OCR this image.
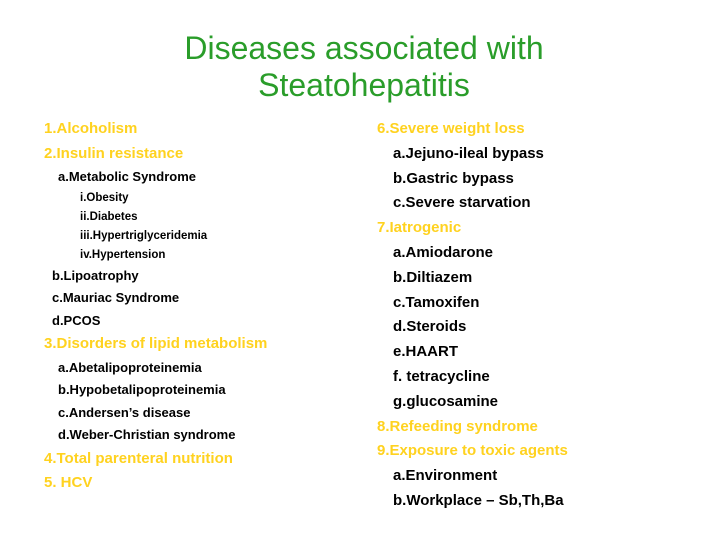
Diseases associated with
Steatohepatitis
1.Alcoholism
2.Insulin resistance
a.Metabolic Syndrome
i.Obesity
ii.Diabetes
iii.Hypertriglyceridemia
iv.Hypertension
b.Lipoatrophy
c.Mauriac Syndrome
d.PCOS
3.Disorders of lipid metabolism
a.Abetalipoproteinemia
b.Hypobetalipoproteinemia
c.Andersen’s disease
d.Weber-Christian syndrome
4.Total parenteral nutrition
5. HCV
6.Severe weight loss
a.Jejuno-ileal bypass
b.Gastric bypass
c.Severe starvation
7.Iatrogenic
a.Amiodarone
b.Diltiazem
c.Tamoxifen
d.Steroids
e.HAART
f. tetracycline
g.glucosamine
8.Refeeding syndrome
9.Exposure to toxic agents
a.Environment
b.Workplace – Sb,Th,Ba
